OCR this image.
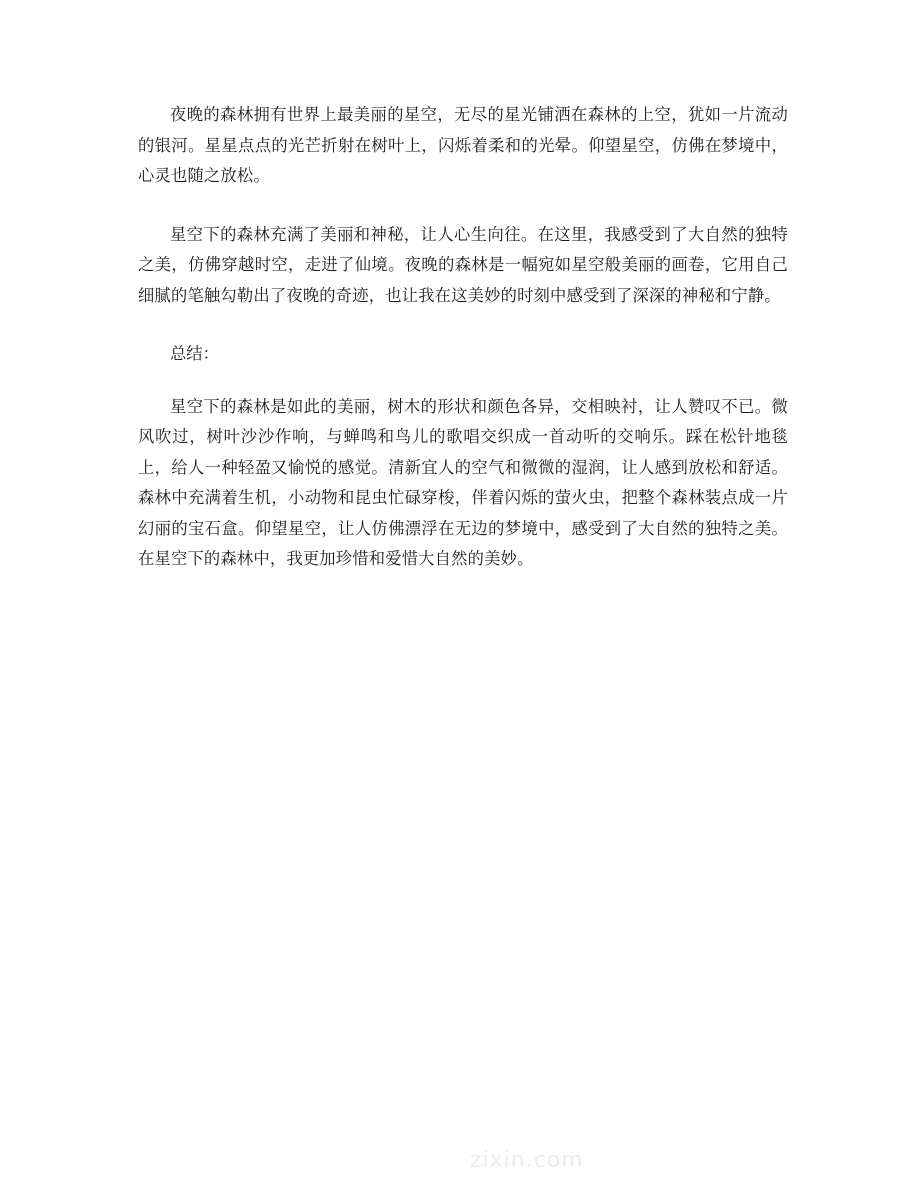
夜晚的森林拥有世界上最美丽的星空，无尽的星光铺洒在森林的上空，犹如一片流动的银河。星星点点的光芒折射在树叶上，闪烁着柔和的光晕。仰望星空，仿佛在梦境中，心灵也随之放松。

星空下的森林充满了美丽和神秘，让人心生向往。在这里，我感受到了大自然的独特之美，仿佛穿越时空，走进了仙境。夜晚的森林是一幅宛如星空般美丽的画卷，它用自己细腻的笔触勾勒出了夜晚的奇迹，也让我在这美妙的时刻中感受到了深深的神秘和宁静。

总结：

星空下的森林是如此的美丽，树木的形状和颜色各异，交相映衬，让人赞叹不已。微风吹过，树叶沙沙作响，与蝉鸣和鸟儿的歌唱交织成一首动听的交响乐。踩在松针地毯上，给人一种轻盈又愉悦的感觉。清新宜人的空气和微微的湿润，让人感到放松和舒适。森林中充满着生机，小动物和昆虫忙碌穿梭，伴着闪烁的萤火虫，把整个森林装点成一片幻丽的宝石盒。仰望星空，让人仿佛漂浮在无边的梦境中，感受到了大自然的独特之美。在星空下的森林中，我更加珍惜和爱惜大自然的美妙。

zixin.com
